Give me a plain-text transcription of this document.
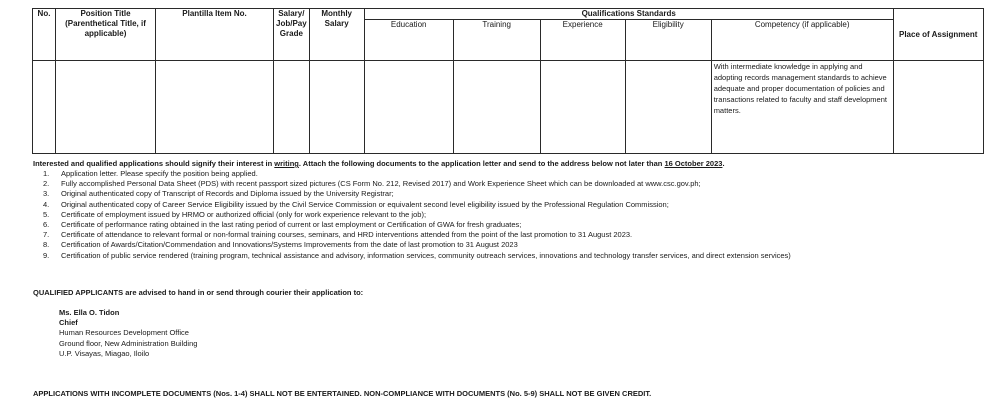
No.	Position Title (Parenthetical Title, if applicable)	Plantilla Item No.	Salary/ Job/Pay Grade	Monthly Salary	Qualifications Standards					Place of Assignment
					Education	Training	Experience	Eligibility	Competency (if applicable)	
									With intermediate knowledge in applying and adopting records management standards to achieve adequate and proper documentation of policies and transactions related to faculty and staff development matters.	
Interested and qualified applications should signify their interest in writing. Attach the following documents to the application letter and send to the address below not later than 16 October 2023.
1. Application letter. Please specify the position being applied.
2. Fully accomplished Personal Data Sheet (PDS) with recent passport sized pictures (CS Form No. 212, Revised 2017) and Work Experience Sheet which can be downloaded at www.csc.gov.ph;
3. Original authenticated copy of Transcript of Records and Diploma issued by the University Registrar;
4. Original authenticated copy of Career Service Eligibility issued by the Civil Service Commission or equivalent second level eligibility issued by the Professional Regulation Commission;
5. Certificate of employment issued by HRMO or authorized official (only for work experience relevant to the job);
6. Certificate of performance rating obtained in the last rating period of current or last employment or Certification of GWA for fresh graduates;
7. Certificate of attendance to relevant formal or non-formal training courses, seminars, and HRD interventions attended from the point of the last promotion to 31 August 2023.
8. Certification of Awards/Citation/Commendation and Innovations/Systems Improvements from the date of last promotion to 31 August 2023
9. Certification of public service rendered (training program, technical assistance and advisory, information services, community outreach services, innovations and technology transfer services, and direct extension services)
QUALIFIED APPLICANTS are advised to hand in or send through courier their application to:
Ms. Ella O. Tidon
Chief
Human Resources Development Office
Ground floor, New Administration Building
U.P. Visayas, Miagao, Iloilo
APPLICATIONS WITH INCOMPLETE DOCUMENTS (Nos. 1-4) SHALL NOT BE ENTERTAINED. NON-COMPLIANCE WITH DOCUMENTS (No. 5-9) SHALL NOT BE GIVEN CREDIT.
